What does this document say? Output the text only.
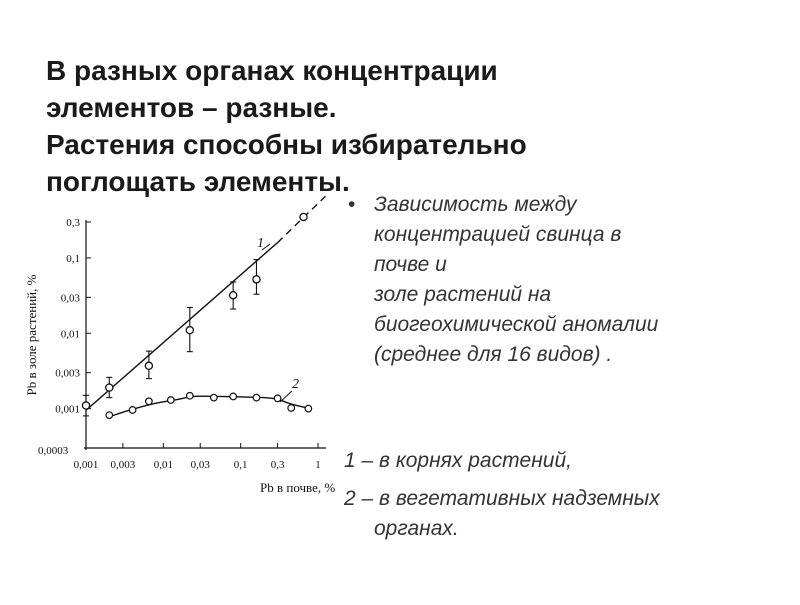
В разных органах концентрации
элементов – разные.
Растения способны избирательно
поглощать элементы.
0,001 0,003 0,01 0,03 0,1 0,3	1
0,001
0,003
0,01
0,03
0,1
0,3
0,0003
Pb в почве, %
Pb в золе растений, %
1
2
• Зависимость между
концентрацией свинца в
почве и
золе растений на
биогеохимической аномалии
(среднее для 16 видов) .
1 – в корнях растений,
2 – в вегетативных надземных
органах.
